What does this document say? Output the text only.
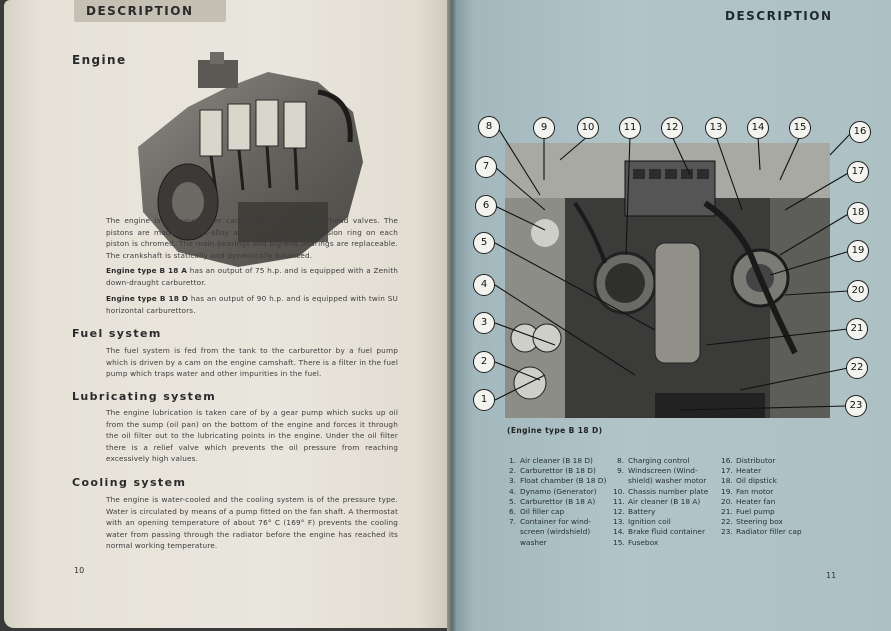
DESCRIPTION
Engine
The engine is a four-cylinder carburettor unit with overhead valves. The pistons are made of light-alloy and the upper compression ring on each piston is chromed. The main bearings and big-end bearings are replaceable. The crankshaft is statically and dynamically balanced.
Engine type B 18 A has an output of 75 h.p. and is equipped with a Zenith down-draught carburettor.
Engine type B 18 D has an output of 90 h.p. and is equipped with twin SU horizontal carburettors.
Fuel system
The fuel system is fed from the tank to the carburettor by a fuel pump which is driven by a cam on the engine camshaft. There is a filter in the fuel pump which traps water and other impurities in the fuel.
Lubricating system
The engine lubrication is taken care of by a gear pump which sucks up oil from the sump (oil pan) on the bottom of the engine and forces it through the oil filter out to the lubricating points in the engine. Under the oil filter there is a relief valve which prevents the oil pressure from reaching excessively high values.
Cooling system
The engine is water-cooled and the cooling system is of the pressure type. Water is circulated by means of a pump fitted on the fan shaft. A thermostat with an opening temperature of about 76° C (169° F) prevents the cooling water from passing through the radiator before the engine has reached its normal working temperature.
10
DESCRIPTION
1
2
3
4
5
6
7
8	9	10	11	12	13	14	15	16
17
18
19
20
21
22
23
(Engine type B 18 D)
1. Air cleaner (B 18 D)
2. Carburettor (B 18 D)
3. Float chamber (B 18 D)
4. Dynamo (Generator)
5. Carburettor (B 18 A)
6. Oil filler cap
7. Container for wind-
screen (wirdshield)
washer
8. Charging control
9. Windscreen (Wind-
shield) washer motor
10. Chassis number plate
11. Air cleaner (B 18 A)
12. Battery
13. Ignition coil
14. Brake fluid container
15. Fusebox
16. Distributor
17. Heater
18. Oil dipstick
19. Fan motor
20. Heater fan
21. Fuel pump
22. Steering box
23. Radiator filler cap
11
